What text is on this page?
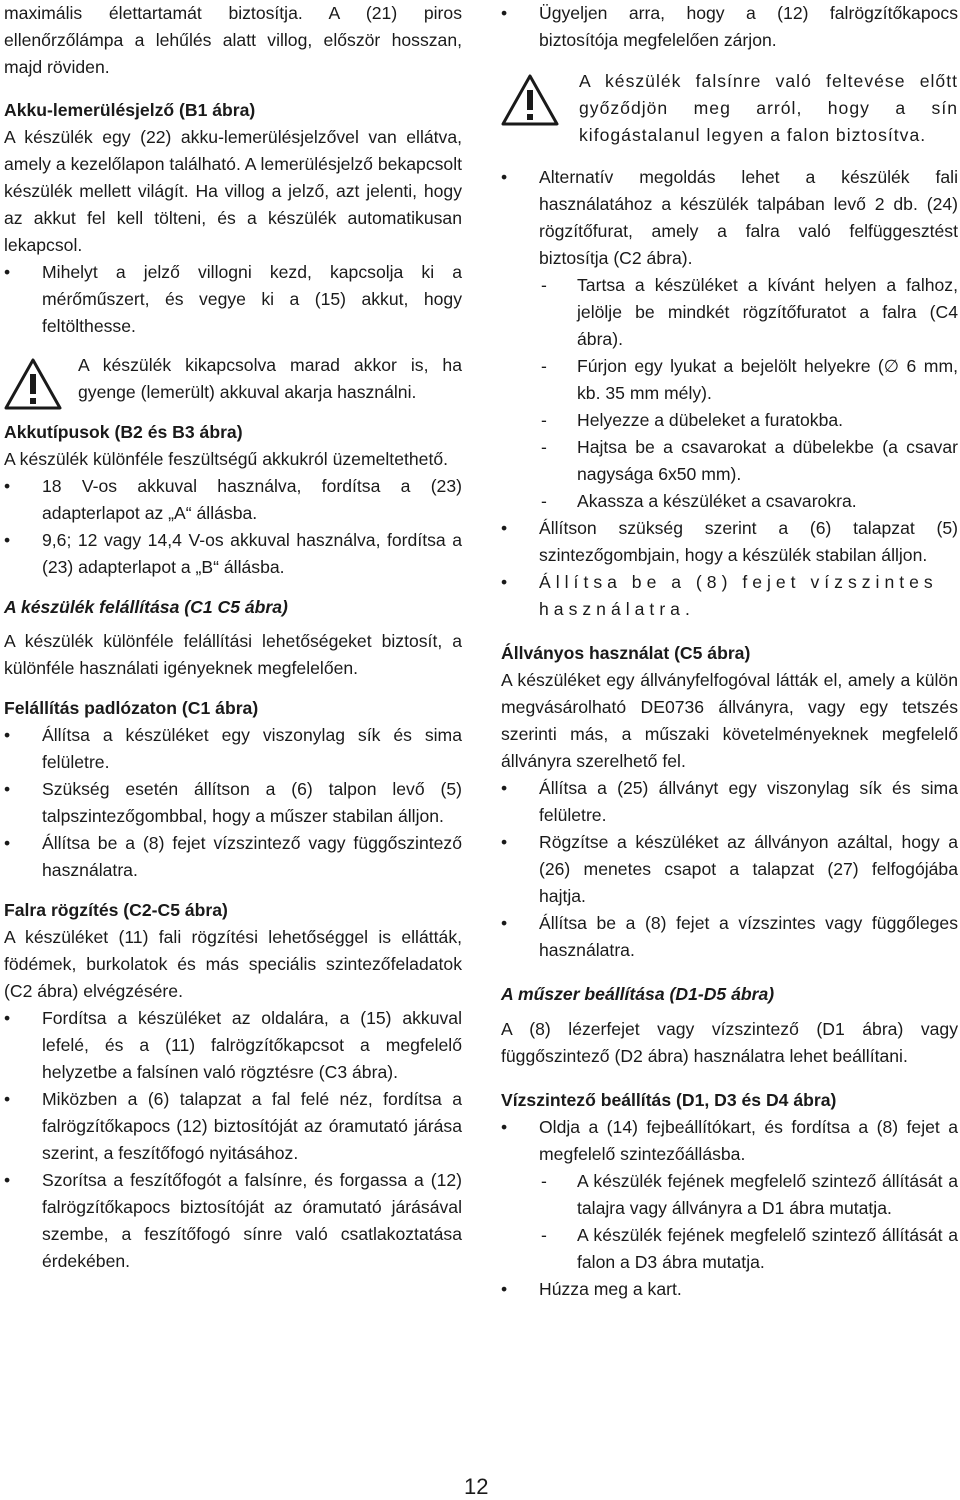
maximális élettartamát biztosítja. A (21) piros ellenőrzőlámpa a lehűlés alatt villog, először hosszan, majd röviden.

Akku-lemerülésjelző (B1 ábra)

A készülék egy (22) akku-lemerülésjelzővel van ellátva, amely a kezelőlapon található. A lemerülésjelző bekapcsolt készülék mellett világít. Ha villog a jelző, azt jelenti, hogy az akkut fel kell tölteni, és a készülék automatikusan lekapcsol.

• Mihelyt a jelző villogni kezd, kapcsolja ki a mérőműszert, és vegye ki a (15) akkut, hogy feltölthesse.

A készülék kikapcsolva marad akkor is, ha gyenge (lemerült) akkuval akarja használni.

Akkutípusok (B2 és B3 ábra)

A készülék különféle feszültségű akkukról üzemeltethető.

• 18 V-os akkuval használva, fordítsa a (23) adapterlapot az „A“ állásba.

• 9,6; 12 vagy 14,4 V-os akkuval használva, fordítsa a (23) adapterlapot a „B“ állásba.

A készülék felállítása (C1 C5 ábra)

A készülék különféle felállítási lehetőségeket biztosít, a különféle használati igényeknek megfelelően.

Felállítás padlózaton (C1 ábra)

• Állítsa a készüléket egy viszonylag sík és sima felületre.

• Szükség esetén állítson a (6) talpon levő (5) talpszintezőgombbal, hogy a műszer stabilan álljon.

• Állítsa be a (8) fejet vízszintező vagy függőszintező használatra.

Falra rögzítés (C2-C5 ábra)

A készüléket (11) fali rögzítési lehetőséggel is ellátták, födémek, burkolatok és más speciális szintezőfeladatok (C2 ábra) elvégzésére.

• Fordítsa a készüléket az oldalára, a (15) akkuval lefelé, és a (11) falrögzítőkapcsot a megfelelő helyzetbe a falsínen való rögztésre (C3 ábra).

• Miközben a (6) talapzat a fal felé néz, fordítsa a falrögzítőkapocs (12) biztosítóját az óramutató járása szerint, a feszítőfogó nyitásához.

• Szorítsa a feszítőfogót a falsínre, és forgassa a (12) falrögzítőkapocs biztosítóját az óramutató járásával szembe, a feszítőfogó sínre való csatlakoztatása érdekében.

• Ügyeljen arra, hogy a (12) falrögzítőkapocs biztosítója megfelelően zárjon.

A készülék falsínre való feltevése előtt győződjön meg arról, hogy a sín kifogástalanul legyen a falon biztosítva.

• Alternatív megoldás lehet a készülék fali használatához a készülék talpában levő 2 db. (24) rögzítőfurat, amely a falra való felfüggesztést biztosítja (C2 ábra).

- Tartsa a készüléket a kívánt helyen a falhoz, jelölje be mindkét rögzítőfuratot a falra (C4 ábra).

- Fúrjon egy lyukat a bejelölt helyekre (∅ 6 mm, kb. 35 mm mély).

- Helyezze a dübeleket a furatokba.

- Hajtsa be a csavarokat a dübelekbe (a csavar nagysága 6x50 mm).

- Akassza a készüléket a csavarokra.

• Állítson szükség szerint a (6) talapzat (5) szintezőgombjain, hogy a készülék stabilan álljon.

• Állítsa be a (8) fejet vízszintes használatra.

Állványos használat (C5 ábra)

A készüléket egy állványfelfogóval látták el, amely a külön megvásárolható DE0736 állványra, vagy egy tetszés szerinti más, a műszaki követelményeknek megfelelő állványra szerelhető fel.

• Állítsa a (25) állványt egy viszonylag sík és sima felületre.

• Rögzítse a készüléket az állványon azáltal, hogy a (26) menetes csapot a talapzat (27) felfogójába hajtja.

• Állítsa be a (8) fejet a vízszintes vagy függőleges használatra.

A műszer beállítása (D1-D5 ábra)

A (8) lézerfejet vagy vízszintező (D1 ábra) vagy függőszintező (D2 ábra) használatra lehet beállítani.

Vízszintező beállítás (D1, D3 és D4 ábra)

• Oldja a (14) fejbeállítókart, és fordítsa a (8) fejet a megfelelő szintezőállásba.

- A készülék fejének megfelelő szintező állítását a talajra vagy állványra a D1 ábra mutatja.

- A készülék fejének megfelelő szintező állítását a falon a D3 ábra mutatja.

• Húzza meg a kart.

12
